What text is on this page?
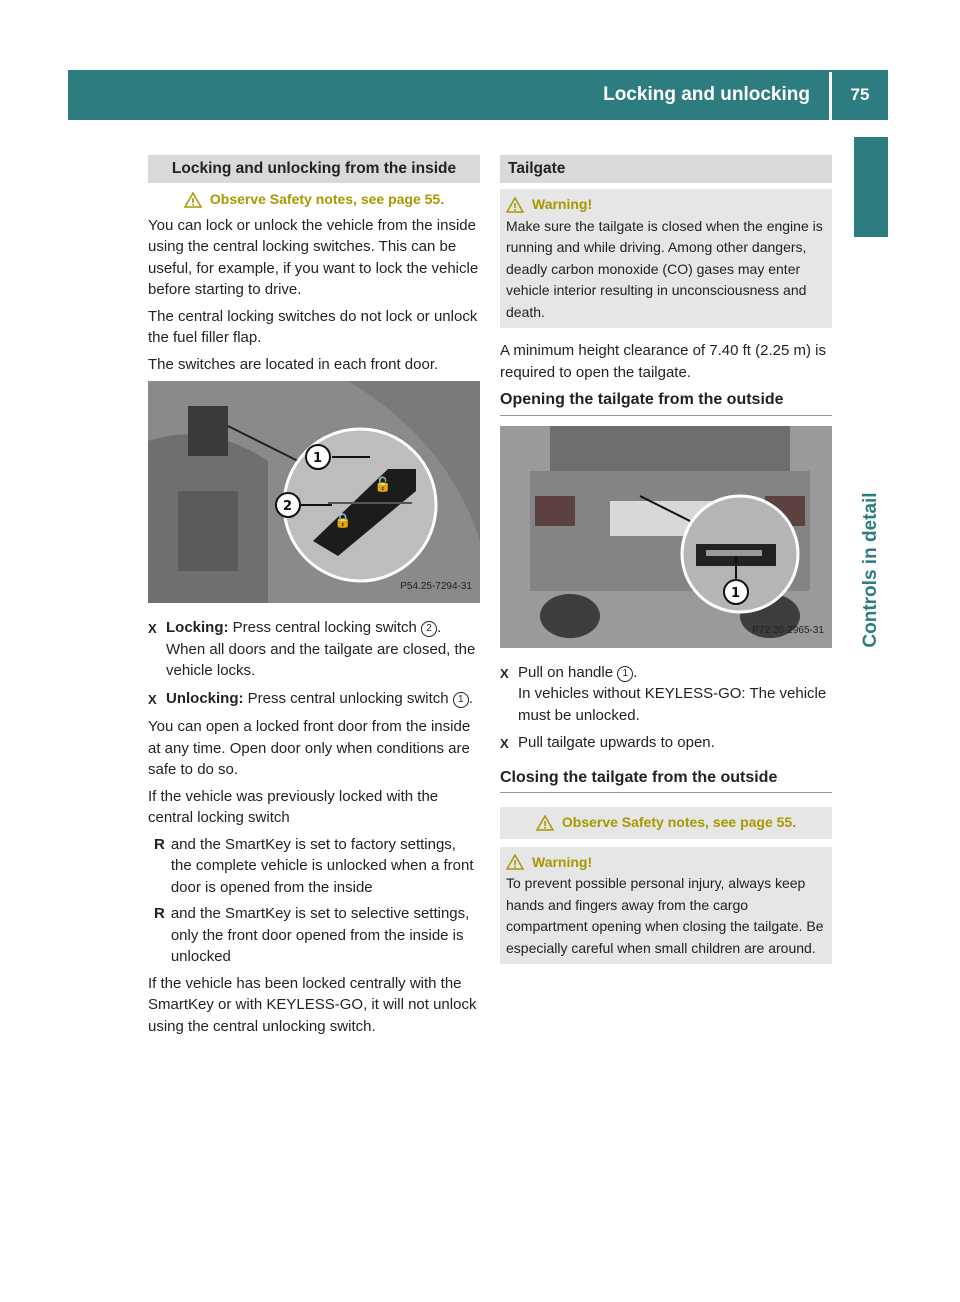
Locking and unlocking	75
Controls in detail
Locking and unlocking from the inside
Observe Safety notes, see page 55.

You can lock or unlock the vehicle from the inside using the central locking switches. This can be useful, for example, if you want to lock the vehicle before starting to drive.

The central locking switches do not lock or unlock the fuel filler flap.

The switches are located in each front door.

🔓
🔒
1
2
P54.25-7294-31
X Locking: Press central locking switch 2 . When all doors and the tailgate are closed, the vehicle locks.
X Unlocking: Press central unlocking switch 1 .

You can open a locked front door from the inside at any time. Open door only when conditions are safe to do so.

If the vehicle was previously locked with the central locking switch

R and the SmartKey is set to factory settings, the complete vehicle is unlocked when a front door is opened from the inside
R and the SmartKey is set to selective settings, only the front door opened from the inside is unlocked

If the vehicle has been locked centrally with the SmartKey or with KEYLESS-GO, it will not unlock using the central unlocking switch.

Tailgate
Warning!
Make sure the tailgate is closed when the engine is running and while driving. Among other dangers, deadly carbon monoxide (CO) gases may enter vehicle interior resulting in unconsciousness and death.

A minimum height clearance of 7.40 ft (2.25 m) is required to open the tailgate.

Opening the tailgate from the outside
1
P72.20-2965-31
X Pull on handle 1 .
In vehicles without KEYLESS-GO: The vehicle must be unlocked.
X Pull tailgate upwards to open.
Closing the tailgate from the outside
Observe Safety notes, see page 55.
Warning!
To prevent possible personal injury, always keep hands and fingers away from the cargo compartment opening when closing the tailgate. Be especially careful when small children are around.
